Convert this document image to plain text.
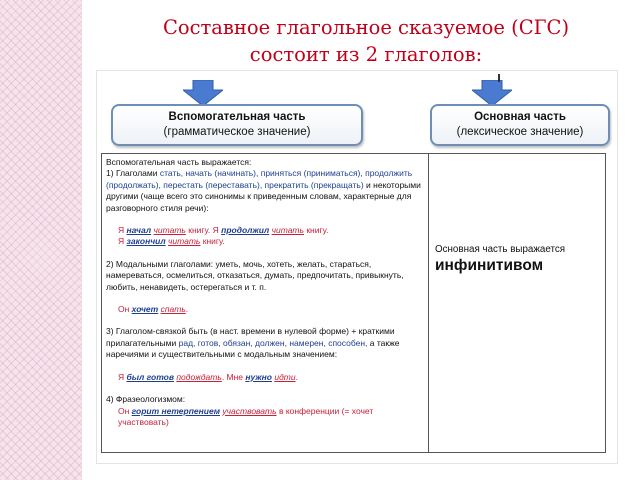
Составное глагольное сказуемое (СГС)
состоит из 2 глаголов:
Вспомогательная часть
(грамматическое значение)
Основная часть
(лексическое значение)

Вспомогательная часть выражается:

1) Глаголами стать, начать (начинать), приняться (приниматься), продолжить (продолжать), перестать (переставать), прекратить (прекращать) и некоторыми другими (чаще всего это синонимы к приведенным словам, характерные для разговорного стиля речи):

Я начал читать книгу. Я продолжил читать книгу.

Я закончил читать книгу.

2) Модальными глаголами: уметь, мочь, хотеть, желать, стараться, намереваться, осмелиться, отказаться, думать, предпочитать, привыкнуть, любить, ненавидеть, остерегаться и т. п.

Он хочет спать.

3) Глаголом-связкой быть (в наст. времени в нулевой форме) + краткими прилагательными рад, готов, обязан, должен, намерен, способен, а также наречиями и существительными с модальным значением:

Я был готов подождать. Мне нужно идти.

4) Фразеологизмом:

Он горит нетерпением участвовать в конференции (= хочет участвовать)

Основная часть выражается
инфинитивом
